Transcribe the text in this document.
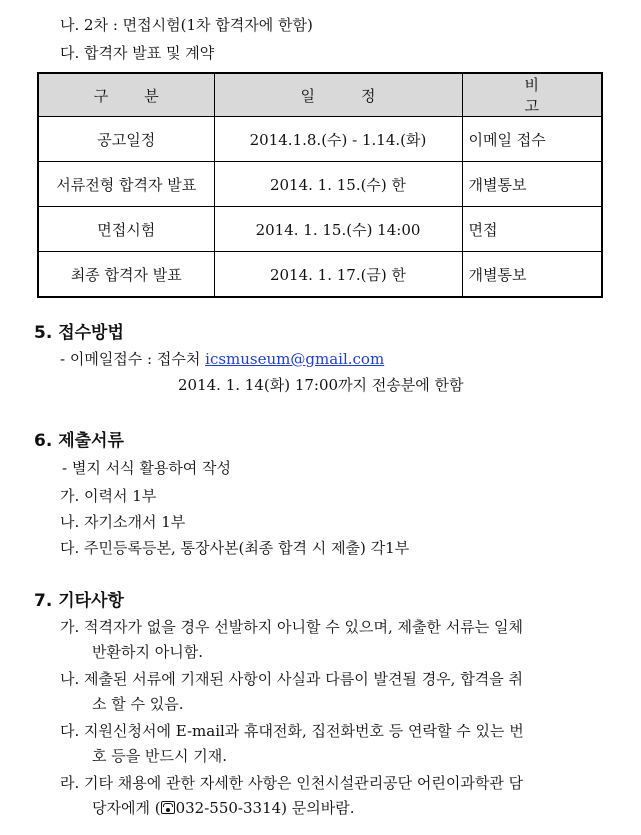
나. 2차 : 면접시험(1차 합격자에 한함)
다. 합격자 발표 및 계약
구분	일정	비고
공고일정	2014.1.8.(수) - 1.14.(화)	이메일 접수
서류전형 합격자 발표	2014. 1. 15.(수) 한	개별통보
면접시험	2014. 1. 15.(수) 14:00	면접
최종 합격자 발표	2014. 1. 17.(금) 한	개별통보
5. 접수방법
- 이메일접수 : 접수처 icsmuseum@gmail.com
2014. 1. 14(화) 17:00까지 전송분에 한함
6. 제출서류
- 별지 서식 활용하여 작성
가. 이력서 1부
나. 자기소개서 1부
다. 주민등록등본, 통장사본(최종 합격 시 제출) 각1부
7. 기타사항
가. 적격자가 없을 경우 선발하지 아니할 수 있으며, 제출한 서류는 일체
반환하지 아니함.
나. 제출된 서류에 기재된 사항이 사실과 다름이 발견될 경우, 합격을 취
소 할 수 있음.
다. 지원신청서에 E-mail과 휴대전화, 집전화번호 등 연락할 수 있는 번
호 등을 반드시 기재.
라. 기타 채용에 관한 자세한 사항은 인천시설관리공단 어린이과학관 담
당자에게 ( 032-550-3314) 문의바람.
